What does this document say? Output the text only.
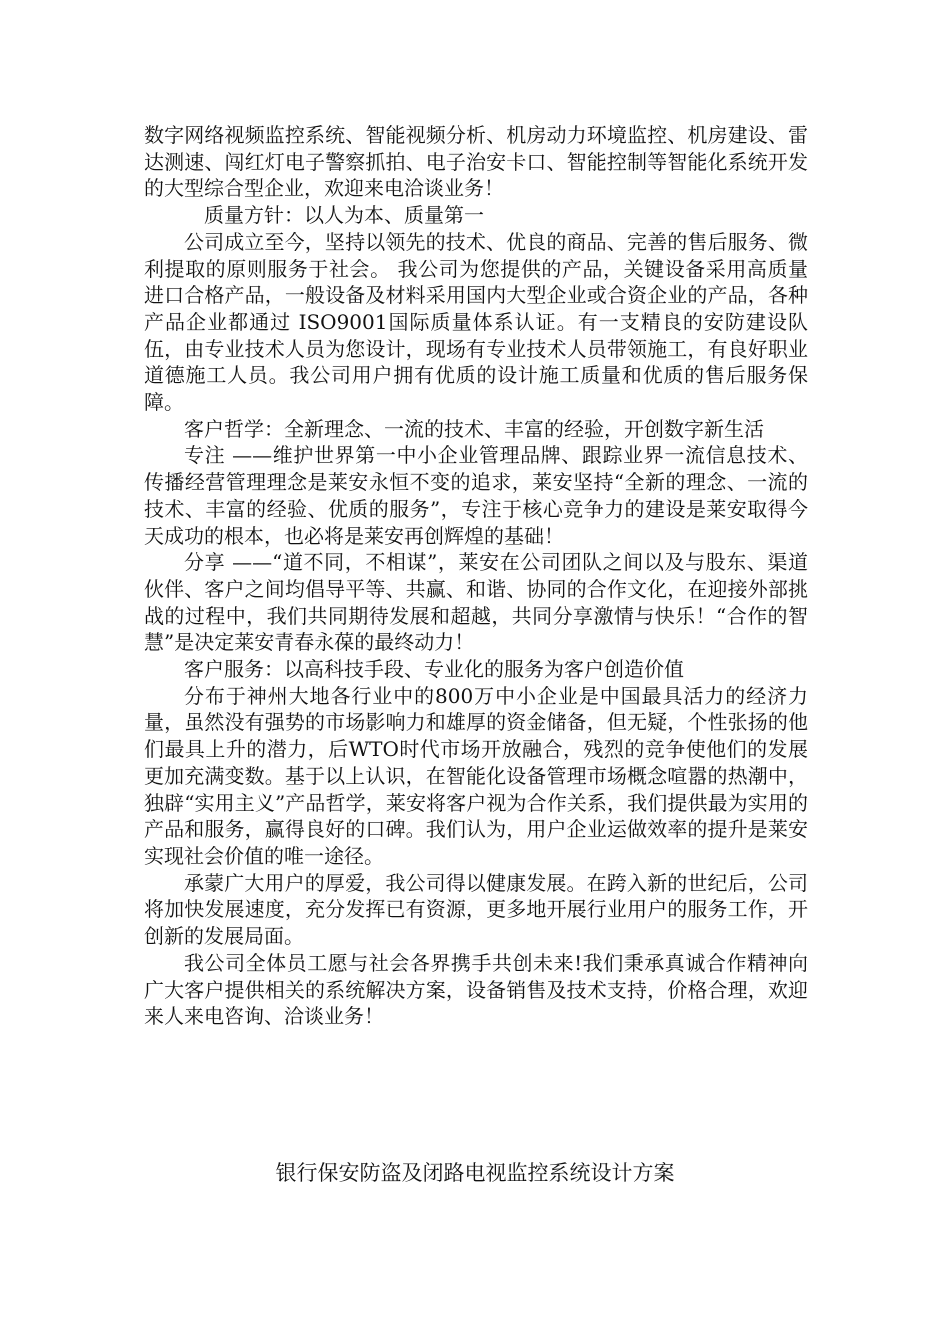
数字网络视频监控系统、智能视频分析、机房动力环境监控、机房建设、雷达测速、闯红灯电子警察抓拍、电子治安卡口、智能控制等智能化系统开发的大型综合型企业，欢迎来电洽谈业务！

质量方针：以人为本、质量第一

公司成立至今，坚持以领先的技术、优良的商品、完善的售后服务、微利提取的原则服务于社会。 我公司为您提供的产品，关键设备采用高质量进口合格产品，一般设备及材料采用国内大型企业或合资企业的产品，各种产品企业都通过 ISO9001国际质量体系认证。有一支精良的安防建设队伍，由专业技术人员为您设计，现场有专业技术人员带领施工，有良好职业道德施工人员。我公司用户拥有优质的设计施工质量和优质的售后服务保障。

客户哲学：全新理念、一流的技术、丰富的经验，开创数字新生活

专注 ——维护世界第一中小企业管理品牌、跟踪业界一流信息技术、传播经营管理理念是莱安永恒不变的追求，莱安坚持“全新的理念、一流的技术、丰富的经验、优质的服务”，专注于核心竞争力的建设是莱安取得今天成功的根本，也必将是莱安再创辉煌的基础！

分享 ——“道不同，不相谋”，莱安在公司团队之间以及与股东、渠道伙伴、客户之间均倡导平等、共赢、和谐、协同的合作文化，在迎接外部挑战的过程中，我们共同期待发展和超越，共同分享激情与快乐！“合作的智慧”是决定莱安青春永葆的最终动力！

客户服务：以高科技手段、专业化的服务为客户创造价值

分布于神州大地各行业中的800万中小企业是中国最具活力的经济力量，虽然没有强势的市场影响力和雄厚的资金储备，但无疑，个性张扬的他们最具上升的潜力，后WTO时代市场开放融合，残烈的竞争使他们的发展更加充满变数。基于以上认识，在智能化设备管理市场概念喧嚣的热潮中，独辟“实用主义”产品哲学，莱安将客户视为合作关系，我们提供最为实用的产品和服务，赢得良好的口碑。我们认为，用户企业运做效率的提升是莱安实现社会价值的唯一途径。

承蒙广大用户的厚爱，我公司得以健康发展。在跨入新的世纪后，公司将加快发展速度，充分发挥已有资源，更多地开展行业用户的服务工作，开创新的发展局面。

我公司全体员工愿与社会各界携手共创未来!我们秉承真诚合作精神向广大客户提供相关的系统解决方案，设备销售及技术支持，价格合理，欢迎来人来电咨询、洽谈业务！

银行保安防盗及闭路电视监控系统设计方案
